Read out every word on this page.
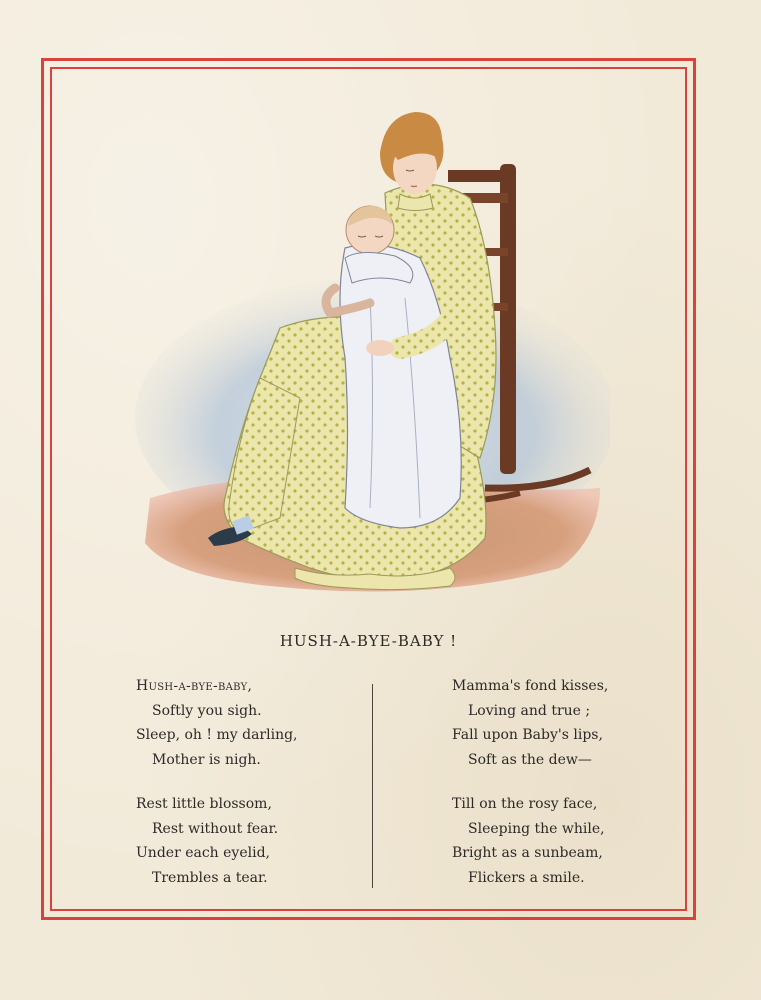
HUSH-A-BYE-BABY !
Hush-a-bye-baby,
Softly you sigh.
Sleep, oh ! my darling,
Mother is nigh.
Rest little blossom,
Rest without fear.
Under each eyelid,
Trembles a tear.
Mamma's fond kisses,
Loving and true ;
Fall upon Baby's lips,
Soft as the dew—
Till on the rosy face,
Sleeping the while,
Bright as a sunbeam,
Flickers a smile.
